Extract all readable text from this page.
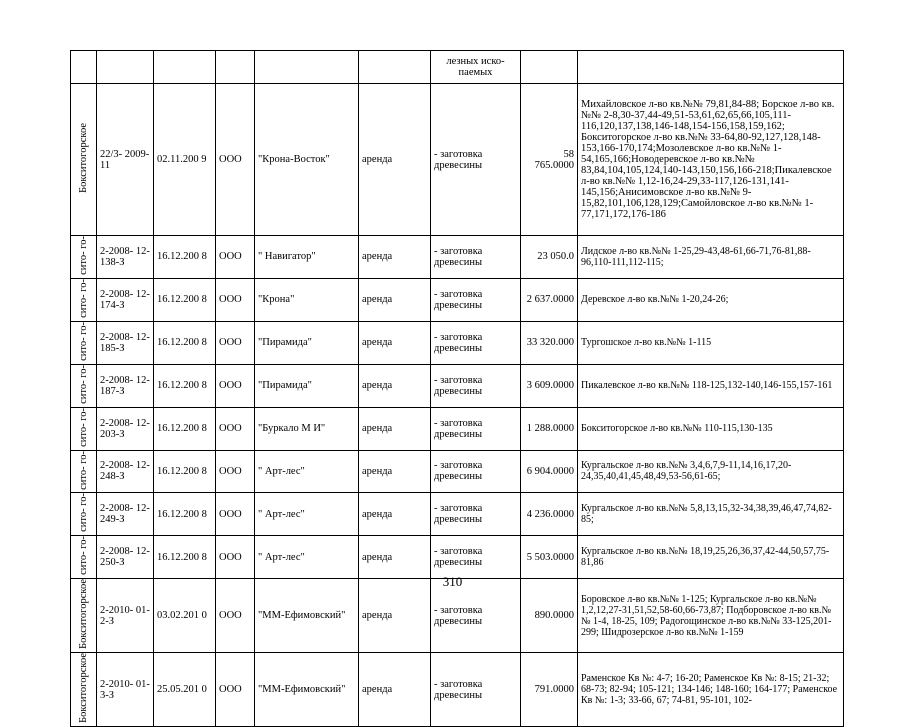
						лезных иско- паемых		
Бокситогорское	22/3- 2009-11	02.11.200 9	ООО	"Крона-Восток"	аренда	- заготовка древесины	58 765.0000	Михайловское л-во кв.№№ 79,81,84-88; Борское л-во кв.№№ 2-8,30-37,44-49,51-53,61,62,65,66,105,111-116,120,137,138,146-148,154-156,158,159,162; Бокситогорское л-во кв.№№ 33-64,80-92,127,128,148-153,166-170,174;Мозолевское л-во кв.№№ 1-54,165,166;Новодеревское л-во кв.№№ 83,84,104,105,124,140-143,150,156,166-218;Пикалевское л-во кв.№№ 1,12-16,24-29,33-117,126-131,141-145,156;Анисимовское л-во кв.№№ 9-15,82,101,106,128,129;Самойловское л-во кв.№№ 1-77,171,172,176-186
сито- го-	2-2008- 12-138-З	16.12.200 8	ООО	" Навигатор"	аренда	- заготовка древесины	23 050.0	Лидское л-во кв.№№ 1-25,29-43,48-61,66-71,76-81,88-96,110-111,112-115;
сито- го-	2-2008- 12-174-З	16.12.200 8	ООО	"Крона"	аренда	- заготовка древесины	2 637.0000	Деревское л-во кв.№№ 1-20,24-26;
сито- го-	2-2008- 12-185-З	16.12.200 8	ООО	"Пирамида"	аренда	- заготовка древесины	33 320.000	Тургошское л-во кв.№№ 1-115
сито- го-	2-2008- 12-187-З	16.12.200 8	ООО	"Пирамида"	аренда	- заготовка древесины	3 609.0000	Пикалевское л-во кв.№№ 118-125,132-140,146-155,157-161
сито- го-	2-2008- 12-203-З	16.12.200 8	ООО	"Буркало М И"	аренда	- заготовка древесины	1 288.0000	Бокситогорское л-во кв.№№ 110-115,130-135
сито- го-	2-2008- 12-248-З	16.12.200 8	ООО	" Арт-лес"	аренда	- заготовка древесины	6 904.0000	Кургальское л-во кв.№№ 3,4,6,7,9-11,14,16,17,20-24,35,40,41,45,48,49,53-56,61-65;
сито- го-	2-2008- 12-249-З	16.12.200 8	ООО	" Арт-лес"	аренда	- заготовка древесины	4 236.0000	Кургальское л-во кв.№№ 5,8,13,15,32-34,38,39,46,47,74,82-85;
сито- го-	2-2008- 12-250-З	16.12.200 8	ООО	" Арт-лес"	аренда	- заготовка древесины	5 503.0000	Кургальское л-во кв.№№ 18,19,25,26,36,37,42-44,50,57,75-81,86
Бокситогорское	2-2010- 01-2-З	03.02.201 0	ООО	"ММ-Ефимовский"	аренда	- заготовка древесины	890.0000	Боровское л-во кв.№№ 1-125; Кургальское л-во кв.№№ 1,2,12,27-31,51,52,58-60,66-73,87; Подборовское л-во кв.№№ 1-4, 18-25, 109; Радогощинское л-во кв.№№ 33-125,201-299; Шидрозерское л-во кв.№№ 1-159
Бокситогорское	2-2010- 01-3-З	25.05.201 0	ООО	"ММ-Ефимовский"	аренда	- заготовка древесины	791.0000	Раменское Кв №: 4-7; 16-20; Раменское Кв №: 8-15; 21-32; 68-73; 82-94; 105-121; 134-146; 148-160; 164-177; Раменское Кв №: 1-3; 33-66, 67; 74-81, 95-101, 102-
310
